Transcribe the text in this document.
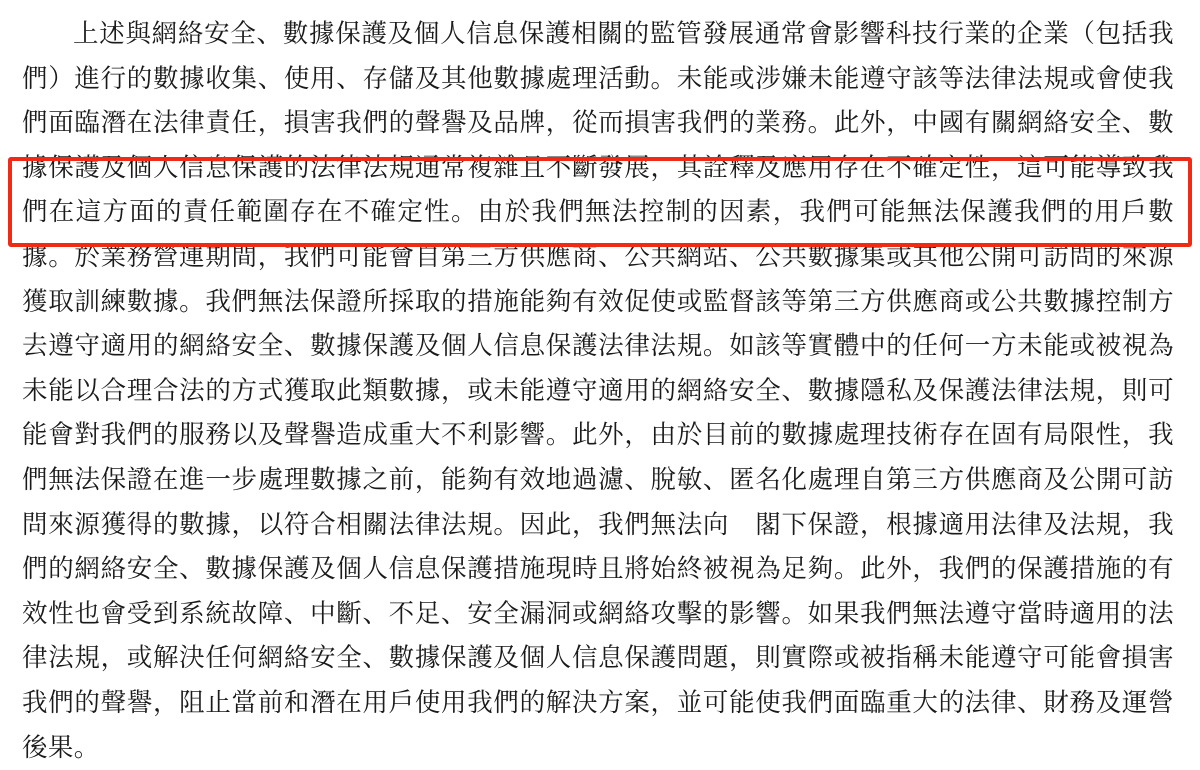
上述與網絡安全、數據保護及個人信息保護相關的監管發展通常會影響科技行業的企業（包括我們）進行的數據收集、使用、存儲及其他數據處理活動。未能或涉嫌未能遵守該等法律法規或會使我們面臨潛在法律責任，損害我們的聲譽及品牌，從而損害我們的業務。此外，中國有關網絡安全、數據保護及個人信息保護的法律法規通常複雜且不斷發展，其詮釋及應用存在不確定性，這可能導致我們在這方面的責任範圍存在不確定性。由於我們無法控制的因素，我們可能無法保護我們的用戶數據。於業務營運期間，我們可能會自第三方供應商、公共網站、公共數據集或其他公開可訪問的來源獲取訓練數據。我們無法保證所採取的措施能夠有效促使或監督該等第三方供應商或公共數據控制方去遵守適用的網絡安全、數據保護及個人信息保護法律法規。如該等實體中的任何一方未能或被視為未能以合理合法的方式獲取此類數據，或未能遵守適用的網絡安全、數據隱私及保護法律法規，則可能會對我們的服務以及聲譽造成重大不利影響。此外，由於目前的數據處理技術存在固有局限性，我們無法保證在進一步處理數據之前，能夠有效地過濾、脫敏、匿名化處理自第三方供應商及公開可訪問來源獲得的數據，以符合相關法律法規。因此，我們無法向　閣下保證，根據適用法律及法規，我們的網絡安全、數據保護及個人信息保護措施現時且將始終被視為足夠。此外，我們的保護措施的有效性也會受到系統故障、中斷、不足、安全漏洞或網絡攻擊的影響。如果我們無法遵守當時適用的法律法規，或解決任何網絡安全、數據保護及個人信息保護問題，則實際或被指稱未能遵守可能會損害我們的聲譽，阻止當前和潛在用戶使用我們的解決方案，並可能使我們面臨重大的法律、財務及運營後果。
